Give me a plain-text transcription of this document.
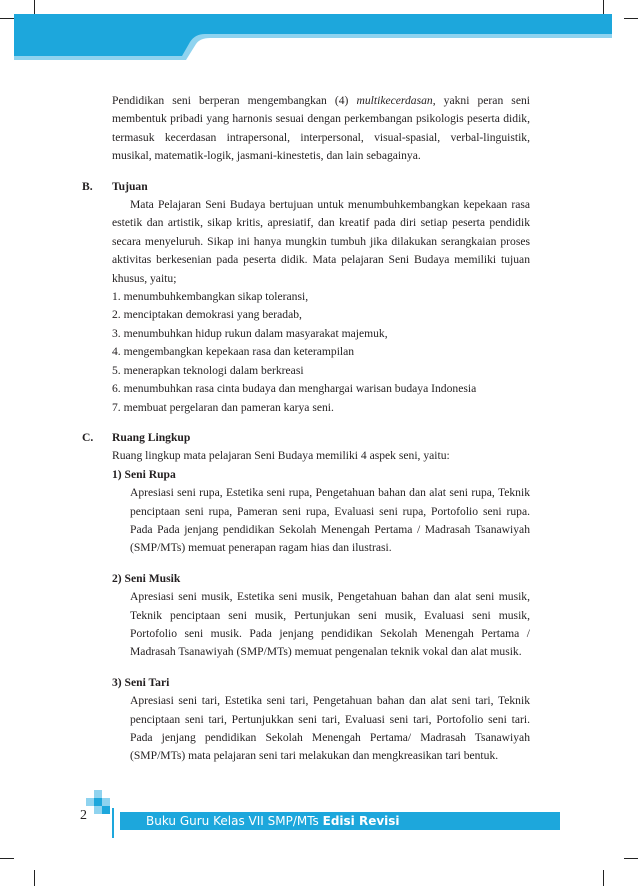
Pendidikan seni berperan mengembangkan (4) multikecerdasan, yakni peran seni membentuk pribadi yang harnonis sesuai dengan perkembangan psikologis peserta didik, termasuk kecerdasan intrapersonal, interpersonal, visual-spasial, verbal-linguistik, musikal, matematik-logik, jasmani-kinestetis, dan lain sebagainya.

B.	Tujuan

Mata Pelajaran Seni Budaya bertujuan untuk menumbuhkembangkan kepekaan rasa estetik dan artistik, sikap kritis, apresiatif, dan kreatif pada diri setiap peserta pendidik secara menyeluruh. Sikap ini hanya mungkin tumbuh jika dilakukan serangkaian proses aktivitas berkesenian pada peserta didik. Mata pelajaran Seni Budaya memiliki tujuan khusus, yaitu;

1. menumbuhkembangkan sikap toleransi,
2. menciptakan demokrasi yang beradab,
3. menumbuhkan hidup rukun dalam masyarakat majemuk,
4. mengembangkan kepekaan rasa dan keterampilan
5. menerapkan teknologi dalam berkreasi
6. menumbuhkan rasa cinta budaya dan menghargai warisan budaya Indonesia
7. membuat pergelaran dan pameran karya seni.
C.	Ruang Lingkup

Ruang lingkup mata pelajaran Seni Budaya memiliki 4 aspek seni, yaitu:

1) Seni Rupa

Apresiasi seni rupa, Estetika seni rupa, Pengetahuan bahan dan alat seni rupa, Teknik penciptaan seni rupa, Pameran seni rupa, Evaluasi seni rupa, Portofolio seni rupa. Pada Pada jenjang pendidikan Sekolah Menengah Pertama / Madrasah Tsanawiyah (SMP/MTs) memuat penerapan ragam hias dan ilustrasi.

2) Seni Musik

Apresiasi seni musik, Estetika seni musik, Pengetahuan bahan dan alat seni musik, Teknik penciptaan seni musik, Pertunjukan seni musik, Evaluasi seni musik, Portofolio seni musik. Pada jenjang pendidikan Sekolah Menengah Pertama / Madrasah Tsanawiyah (SMP/MTs) memuat pengenalan teknik vokal dan alat musik.

3) Seni Tari

Apresiasi seni tari, Estetika seni tari, Pengetahuan bahan dan alat seni tari, Teknik penciptaan seni tari, Pertunjukkan seni tari, Evaluasi seni tari, Portofolio seni tari. Pada jenjang pendidikan Sekolah Menengah Pertama/ Madrasah Tsanawiyah (SMP/MTs) mata pelajaran seni tari melakukan dan mengkreasikan tari bentuk.

2	Buku Guru Kelas VII SMP/MTs Edisi Revisi
